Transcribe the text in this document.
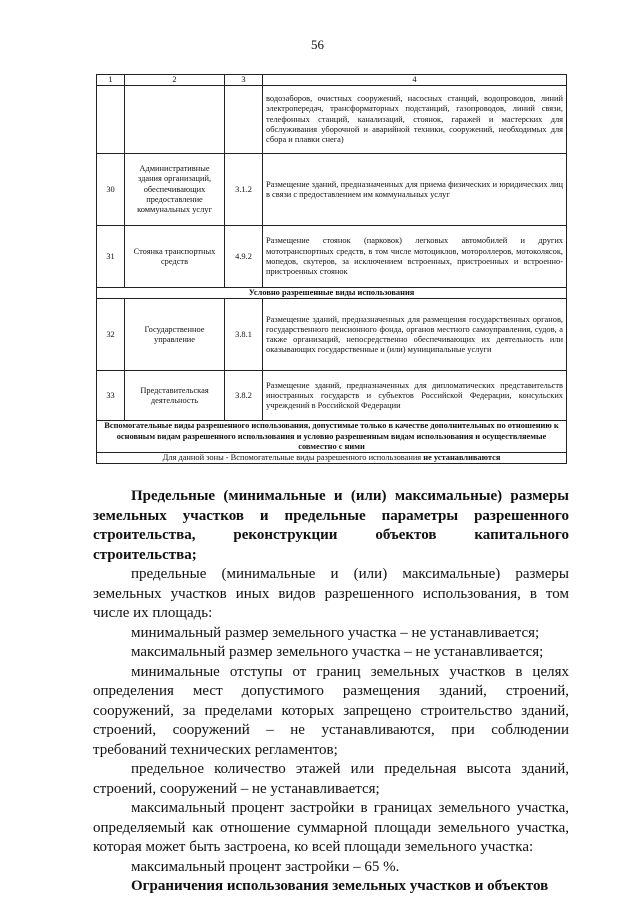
56
1	2	3	4
			водозаборов, очистных сооружений, насосных станций, водопроводов, линий электропередач, трансформаторных подстанций, газопроводов, линий связи, телефонных станций, канализаций, стоянок, гаражей и мастерских для обслуживания уборочной и аварийной техники, сооружений, необходимых для сбора и плавки снега)
30	Административные здания организаций, обеспечивающих предоставление коммунальных услуг	3.1.2	Размещение зданий, предназначенных для приема физических и юридических лиц в связи с предоставлением им коммунальных услуг
31	Стоянка транспортных средств	4.9.2	Размещение стоянок (парковок) легковых автомобилей и других мототранспортных средств, в том числе мотоциклов, мотороллеров, мотоколясок, мопедов, скутеров, за исключением встроенных, пристроенных и встроенно-пристроенных стоянок
Условно разрешенные виды использования			
32	Государственное управление	3.8.1	Размещение зданий, предназначенных для размещения государственных органов, государственного пенсионного фонда, органов местного самоуправления, судов, а также организаций, непосредственно обеспечивающих их деятельность или оказывающих государственные и (или) муниципальные услуги
33	Представительская деятельность	3.8.2	Размещение зданий, предназначенных для дипломатических представительств иностранных государств и субъектов Российской Федерации, консульских учреждений в Российской Федерации
Вспомогательные виды разрешенного использования, допустимые только в качестве дополнительных по отношению к основным видам разрешенного использования и условно разрешенным видам использования и осуществляемые совместно с ними			
Для данной зоны - Вспомогательные виды разрешенного использования не устанавливаются			

Предельные (минимальные и (или) максимальные) размеры земельных участков и предельные параметры разрешенного строительства, реконструкции объектов капитального строительства;

предельные (минимальные и (или) максимальные) размеры земельных участков иных видов разрешенного использования, в том числе их площадь:

минимальный размер земельного участка – не устанавливается;

максимальный размер земельного участка – не устанавливается;

минимальные отступы от границ земельных участков в целях определения мест допустимого размещения зданий, строений, сооружений, за пределами которых запрещено строительство зданий, строений, сооружений – не устанавливаются, при соблюдении требований технических регламентов;

предельное количество этажей или предельная высота зданий, строений, сооружений – не устанавливается;

максимальный процент застройки в границах земельного участка, определяемый как отношение суммарной площади земельного участка, которая может быть застроена, ко всей площади земельного участка:

максимальный процент застройки – 65 %.

Ограничения использования земельных участков и объектов
